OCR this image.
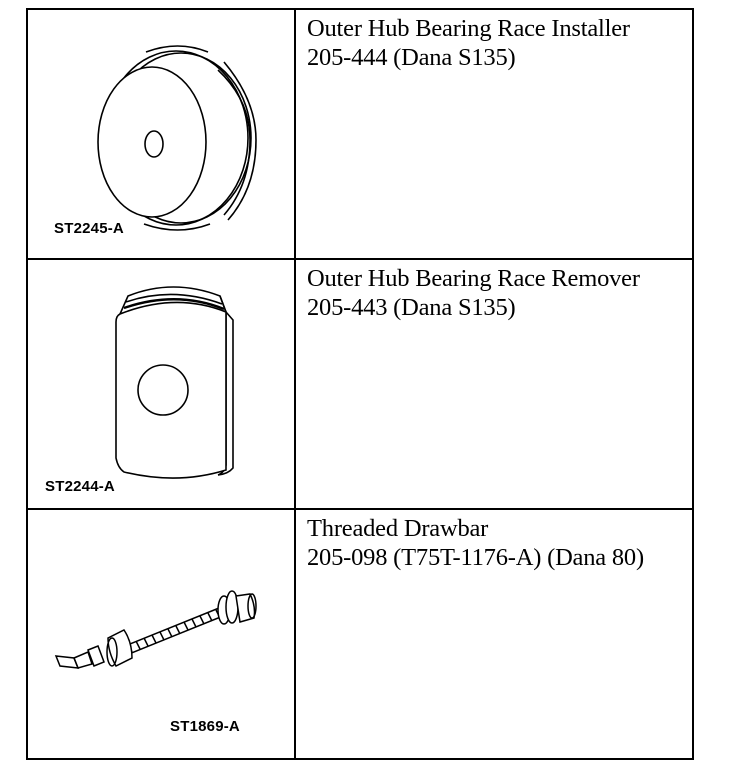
ST2245-A	Outer Hub Bearing Race Installer
205-444 (Dana S135)

ST2244-A	Outer Hub Bearing Race Remover
205-443 (Dana S135)

ST1869-A	Threaded Drawbar
205-098 (T75T-1176-A) (Dana 80)
